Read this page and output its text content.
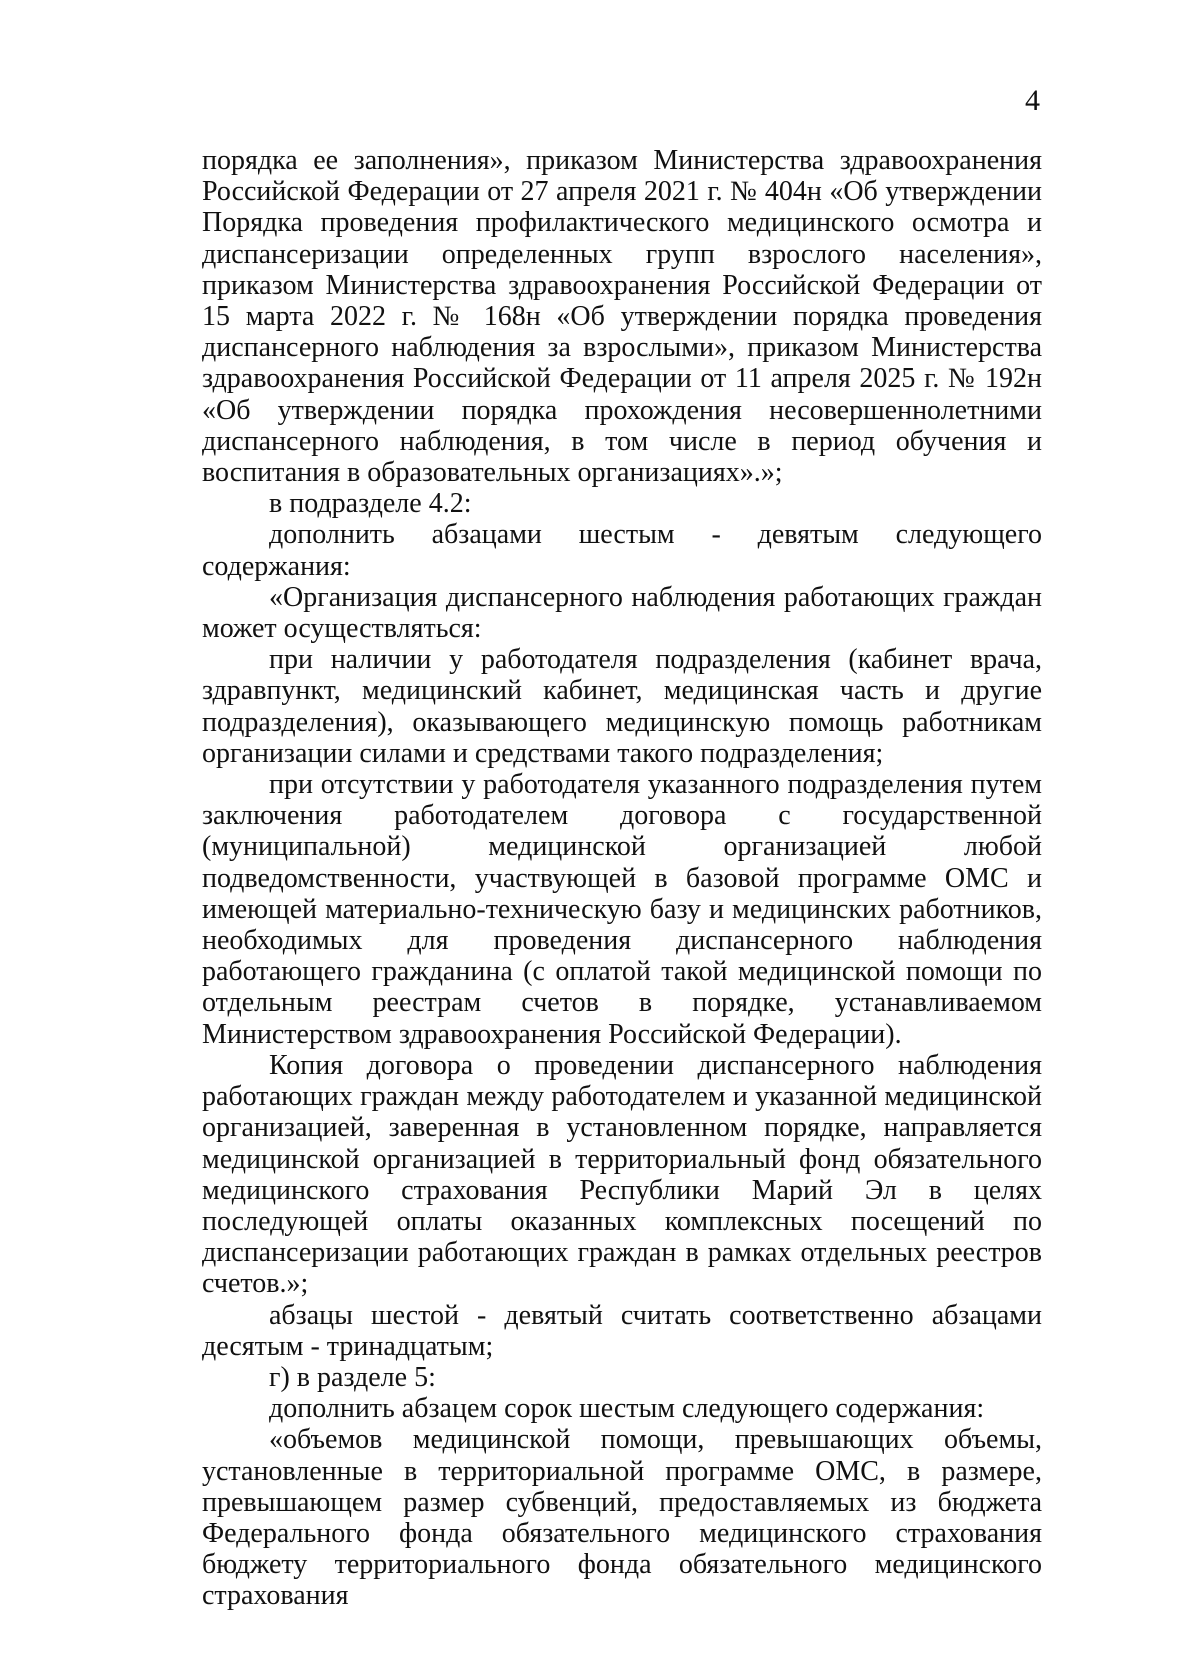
4

порядка ее заполнения», приказом Министерства здравоохранения Российской Федерации от 27 апреля 2021 г. № 404н «Об утверждении Порядка проведения профилактического медицинского осмотра и диспансеризации определенных групп взрослого населения», приказом Министерства здравоохранения Российской Федерации от 15 марта 2022 г. № 168н «Об утверждении порядка проведения диспансерного наблюдения за взрослыми», приказом Министерства здравоохранения Российской Федерации от 11 апреля 2025 г. № 192н «Об утверждении порядка прохождения несовершеннолетними диспансерного наблюдения, в том числе в период обучения и воспитания в образовательных организациях».»;

в подразделе 4.2:

дополнить абзацами шестым - девятым следующего содержания:

«Организация диспансерного наблюдения работающих граждан может осуществляться:

при наличии у работодателя подразделения (кабинет врача, здравпункт, медицинский кабинет, медицинская часть и другие подразделения), оказывающего медицинскую помощь работникам организации силами и средствами такого подразделения;

при отсутствии у работодателя указанного подразделения путем заключения работодателем договора с государственной (муниципальной) медицинской организацией любой подведомственности, участвующей в базовой программе ОМС и имеющей материально-техническую базу и медицинских работников, необходимых для проведения диспансерного наблюдения работающего гражданина (с оплатой такой медицинской помощи по отдельным реестрам счетов в порядке, устанавливаемом Министерством здравоохранения Российской Федерации).

Копия договора о проведении диспансерного наблюдения работающих граждан между работодателем и указанной медицинской организацией, заверенная в установленном порядке, направляется медицинской организацией в территориальный фонд обязательного медицинского страхования Республики Марий Эл в целях последующей оплаты оказанных комплексных посещений по диспансеризации работающих граждан в рамках отдельных реестров счетов.»;

абзацы шестой - девятый считать соответственно абзацами десятым - тринадцатым;

г) в разделе 5:

дополнить абзацем сорок шестым следующего содержания:

«объемов медицинской помощи, превышающих объемы, установленные в территориальной программе ОМС, в размере, превышающем размер субвенций, предоставляемых из бюджета Федерального фонда обязательного медицинского страхования бюджету территориального фонда обязательного медицинского страхования
